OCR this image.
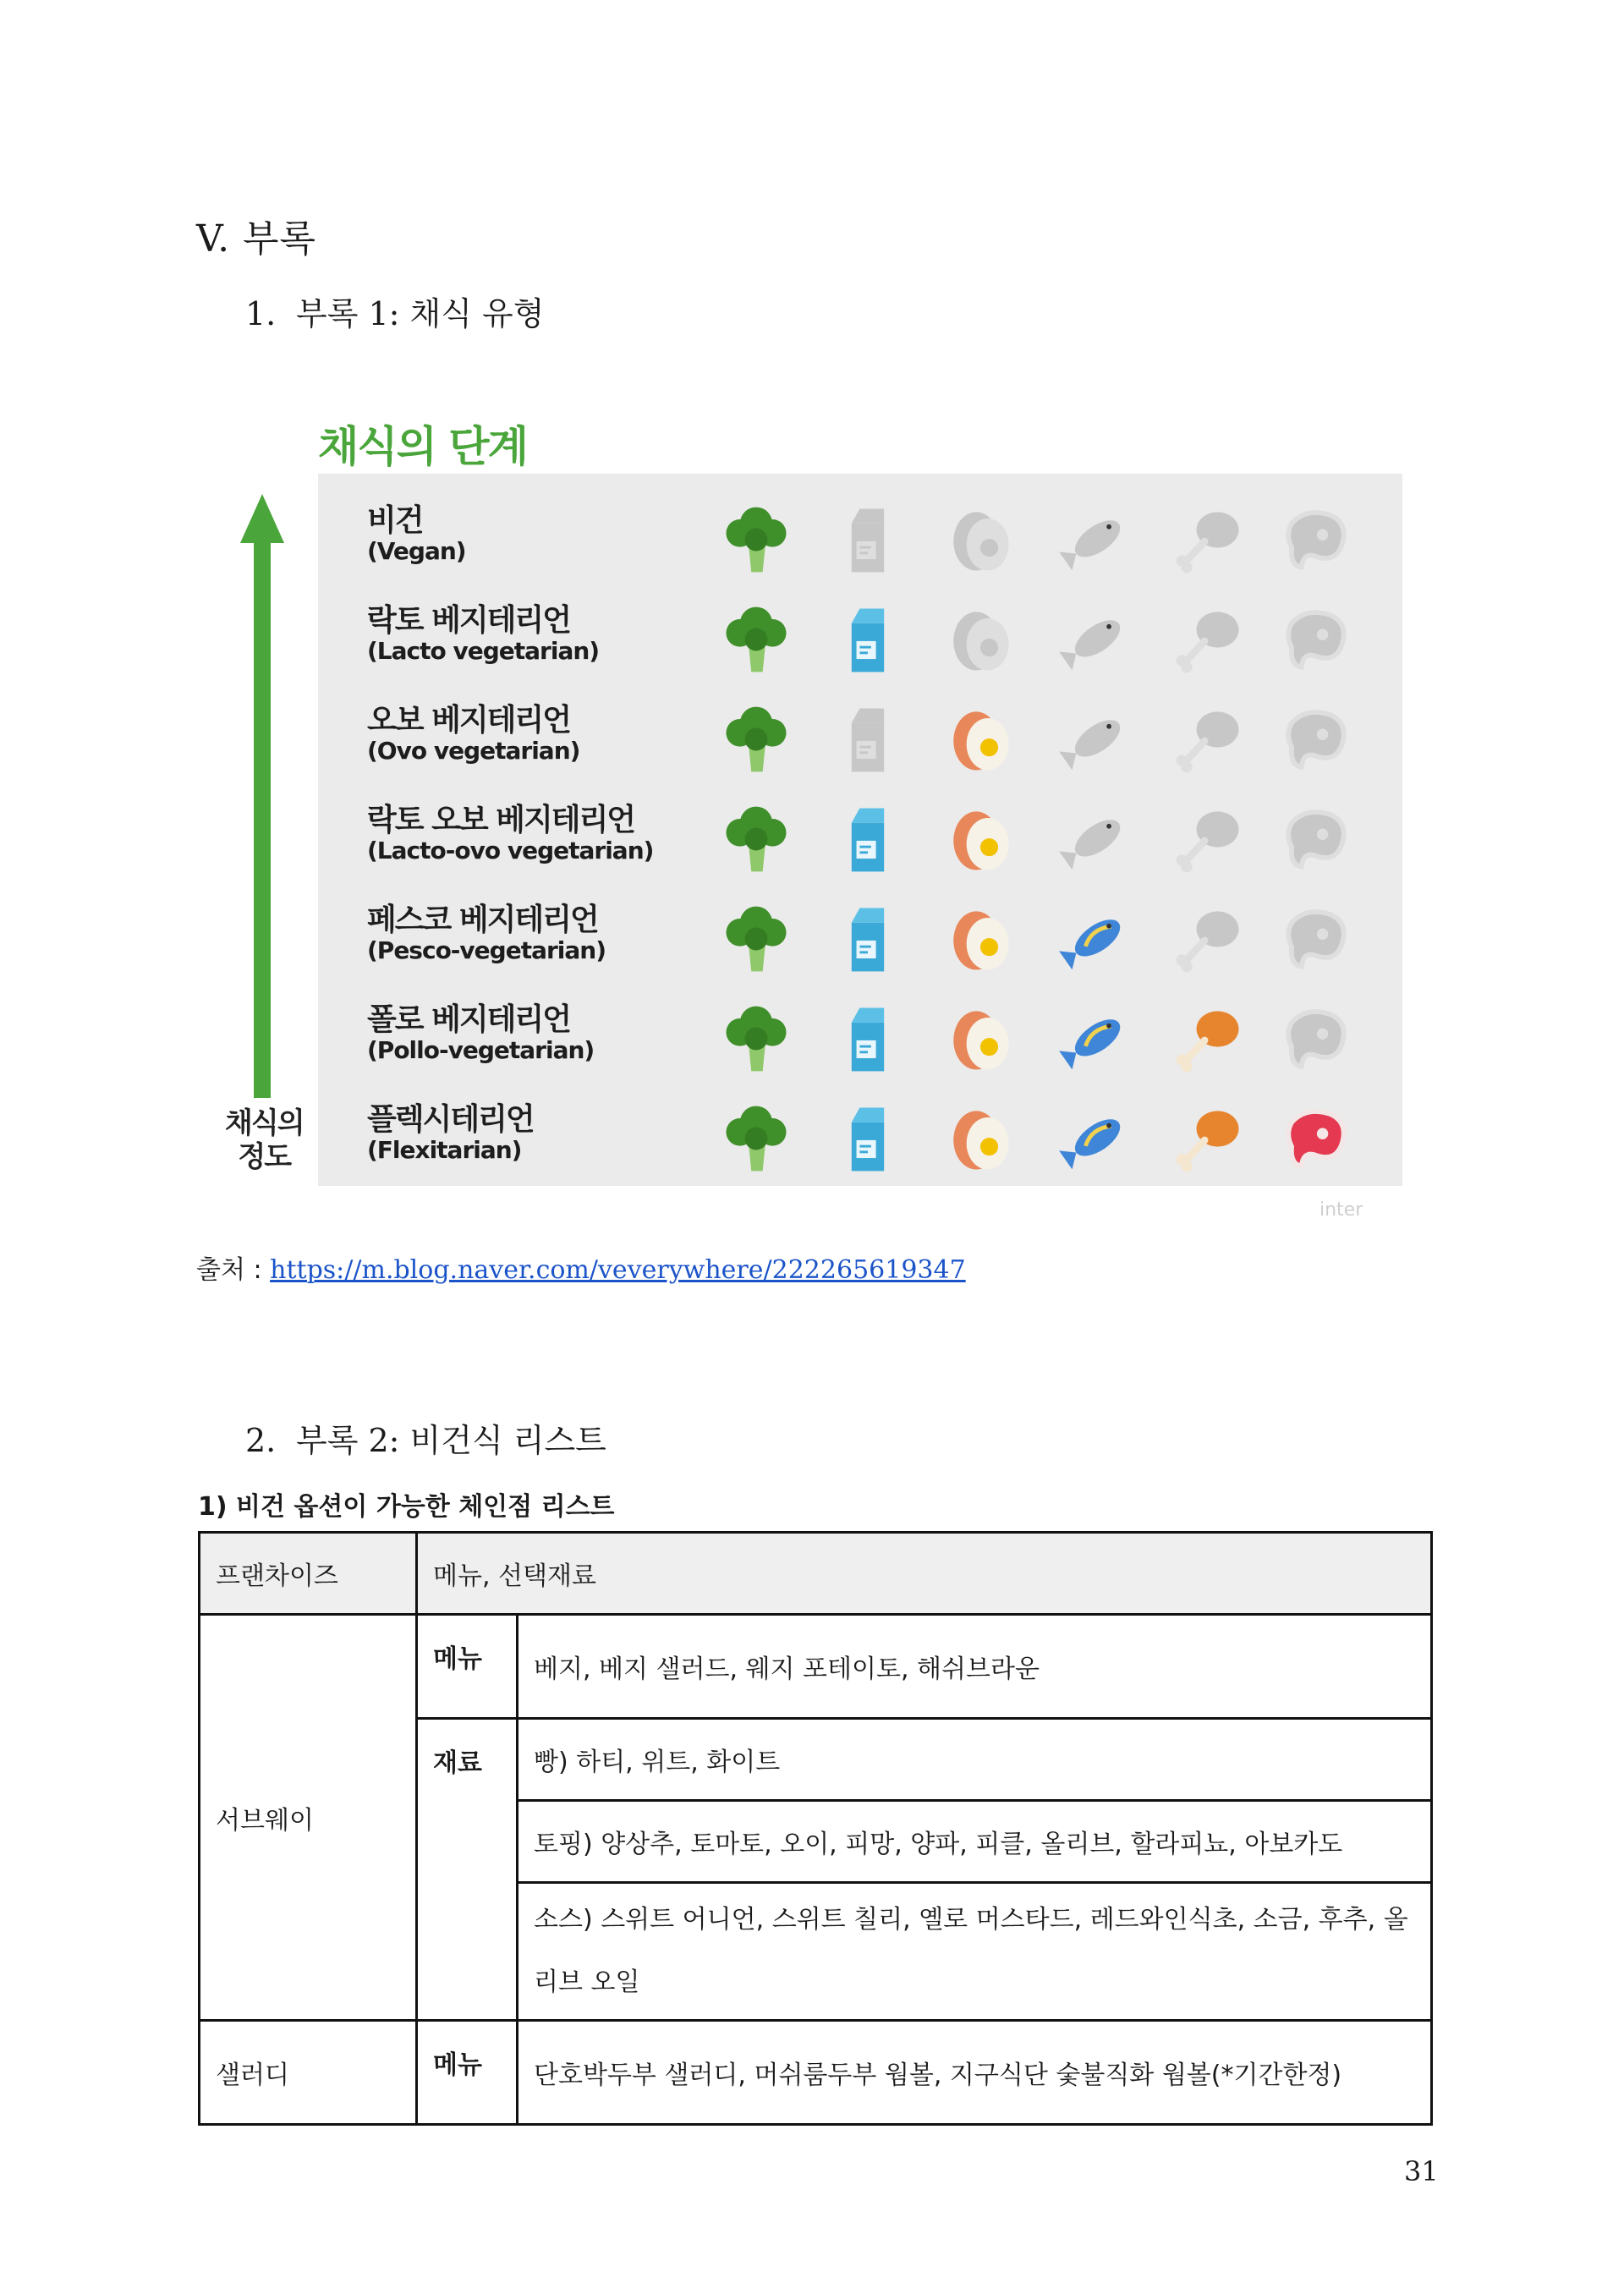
V. 부록
1. 부록 1: 채식 유형
채식의 단계
채식의
정도
비건
(Vegan)
락토 베지테리언
(Lacto vegetarian)
오보 베지테리언
(Ovo vegetarian)
락토 오보 베지테리언
(Lacto-ovo vegetarian)
페스코 베지테리언
(Pesco-vegetarian)
폴로 베지테리언
(Pollo-vegetarian)
플렉시테리언
(Flexitarian)
inter
출처 : https://m.blog.naver.com/veverywhere/222265619347
2. 부록 2: 비건식 리스트
1) 비건 옵션이 가능한 체인점 리스트
프랜차이즈	메뉴, 선택재료	
서브웨이	메뉴	베지, 베지 샐러드, 웨지 포테이토, 해쉬브라운
	재료	빵) 하티, 위트, 화이트
		토핑) 양상추, 토마토, 오이, 피망, 양파, 피클, 올리브, 할라피뇨, 아보카도
		소스) 스위트 어니언, 스위트 칠리, 옐로 머스타드, 레드와인식초, 소금, 후추, 올리브 오일
샐러디	메뉴	단호박두부 샐러디, 머쉬룸두부 웜볼, 지구식단 숯불직화 웜볼(*기간한정)
31
